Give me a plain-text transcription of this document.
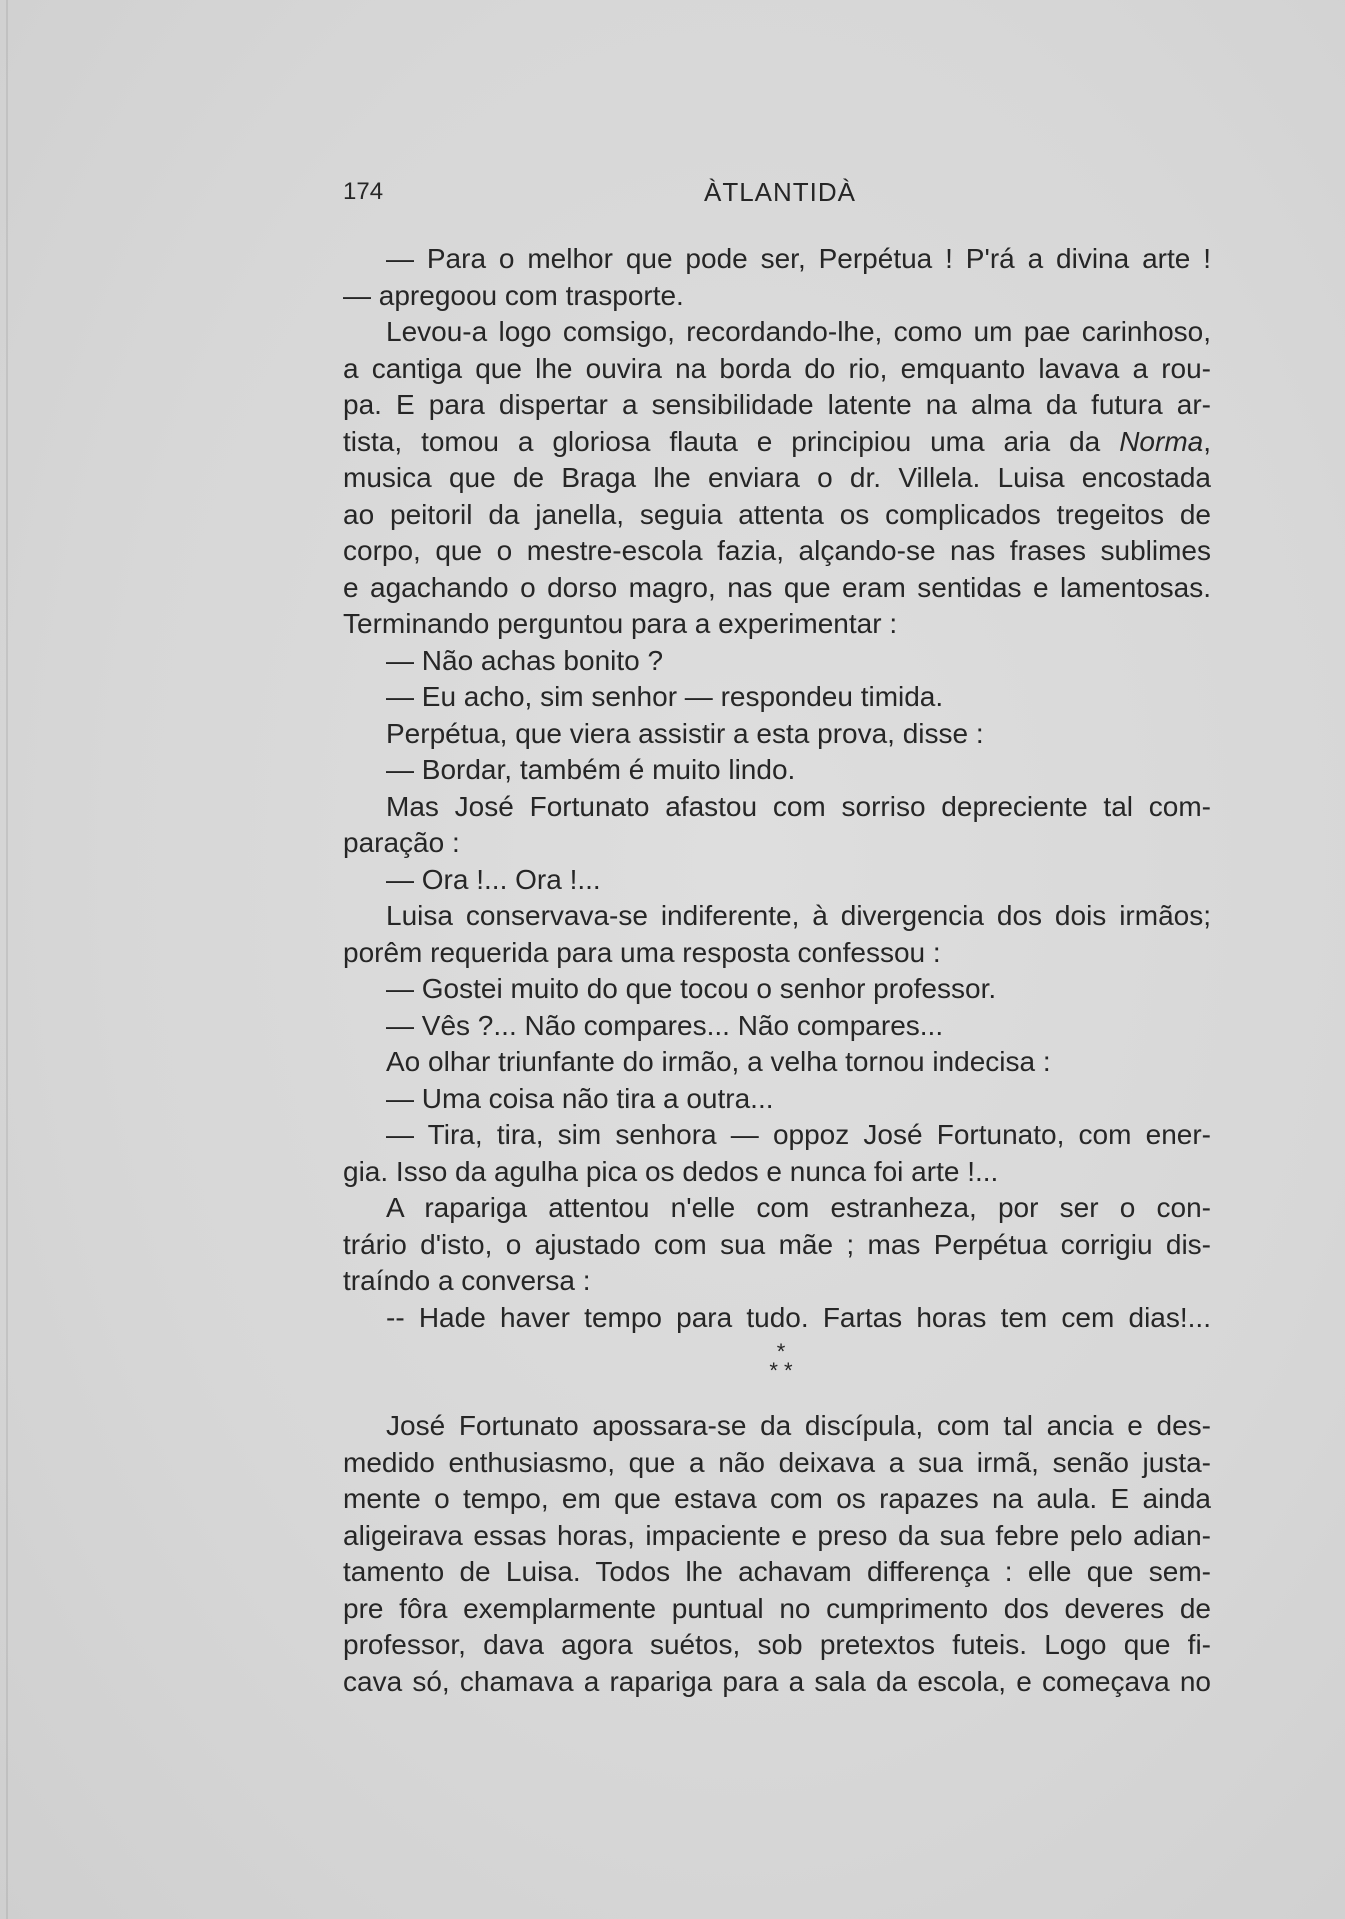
174	ÀTLANTIDÀ
— Para o melhor que pode ser, Perpétua ! P'rá a divina arte !
— apregoou com trasporte.
Levou-a logo comsigo, recordando-lhe, como um pae carinhoso,
a cantiga que lhe ouvira na borda do rio, emquanto lavava a rou-
pa. E para dispertar a sensibilidade latente na alma da futura ar-
tista, tomou a gloriosa flauta e principiou uma aria da Norma,
musica que de Braga lhe enviara o dr. Villela. Luisa encostada
ao peitoril da janella, seguia attenta os complicados tregeitos de
corpo, que o mestre-escola fazia, alçando-se nas frases sublimes
e agachando o dorso magro, nas que eram sentidas e lamentosas.
Terminando perguntou para a experimentar :
— Não achas bonito ?
— Eu acho, sim senhor — respondeu timida.
Perpétua, que viera assistir a esta prova, disse :
— Bordar, também é muito lindo.
Mas José Fortunato afastou com sorriso depreciente tal com-
paração :
— Ora !... Ora !...
Luisa conservava-se indiferente, à divergencia dos dois irmãos;
porêm requerida para uma resposta confessou :
— Gostei muito do que tocou o senhor professor.
— Vês ?... Não compares... Não compares...
Ao olhar triunfante do irmão, a velha tornou indecisa :
— Uma coisa não tira a outra...
— Tira, tira, sim senhora — oppoz José Fortunato, com ener-
gia. Isso da agulha pica os dedos e nunca foi arte !...
A rapariga attentou n'elle com estranheza, por ser o con-
trário d'isto, o ajustado com sua mãe ; mas Perpétua corrigiu dis-
traíndo a conversa :
-- Hade haver tempo para tudo. Fartas horas tem cem dias!...
*
* *
José Fortunato apossara-se da discípula, com tal ancia e des-
medido enthusiasmo, que a não deixava a sua irmã, senão justa-
mente o tempo, em que estava com os rapazes na aula. E ainda
aligeirava essas horas, impaciente e preso da sua febre pelo adian-
tamento de Luisa. Todos lhe achavam differença : elle que sem-
pre fôra exemplarmente puntual no cumprimento dos deveres de
professor, dava agora suétos, sob pretextos futeis. Logo que fi-
cava só, chamava a rapariga para a sala da escola, e começava no
